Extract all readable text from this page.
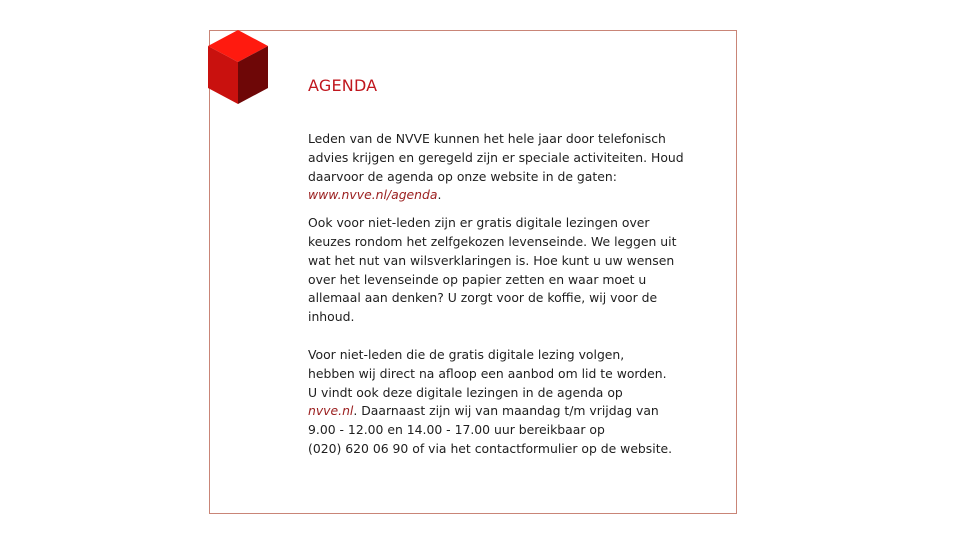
AGENDA
Leden van de NVVE kunnen het hele jaar door telefonisch
advies krijgen en geregeld zijn er speciale activiteiten. Houd
daarvoor de agenda op onze website in de gaten:
www.nvve.nl/agenda.
Ook voor niet-leden zijn er gratis digitale lezingen over
keuzes rondom het zelfgekozen levenseinde. We leggen uit
wat het nut van wilsverklaringen is. Hoe kunt u uw wensen
over het levenseinde op papier zetten en waar moet u
allemaal aan denken? U zorgt voor de koffie, wij voor de
inhoud.
Voor niet-leden die de gratis digitale lezing volgen,
hebben wij direct na afloop een aanbod om lid te worden.
U vindt ook deze digitale lezingen in de agenda op
nvve.nl. Daarnaast zijn wij van maandag t/m vrijdag van
9.00 - 12.00 en 14.00 - 17.00 uur bereikbaar op
(020) 620 06 90 of via het contactformulier op de website.
